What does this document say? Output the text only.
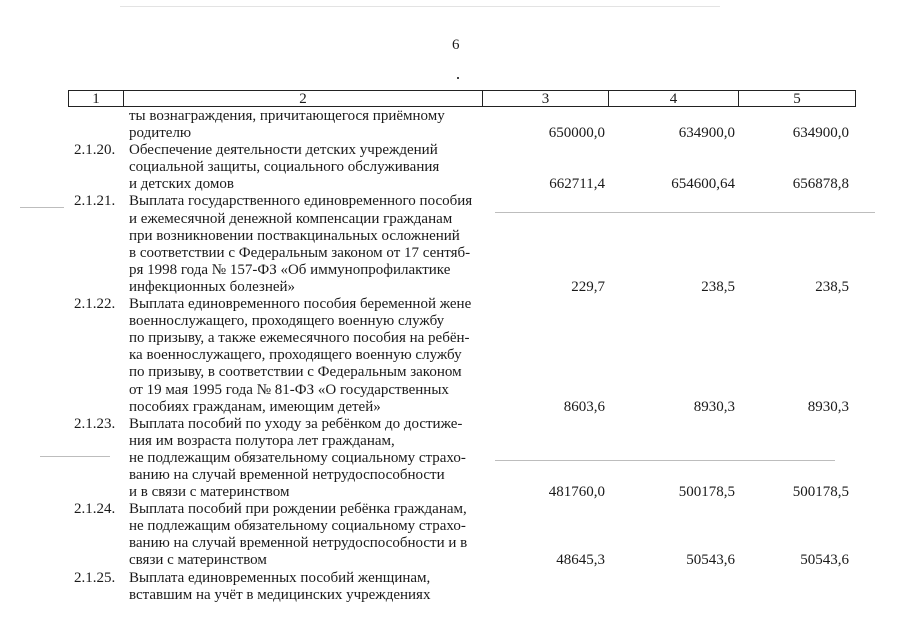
6
1	2	3	4	5
ты вознаграждения, причитающегося приёмному
родителю	650000,0	634900,0	634900,0
2.1.20. Обеспечение деятельности детских учреждений
социальной защиты, социального обслуживания
и детских домов	662711,4	654600,64	656878,8
2.1.21. Выплата государственного единовременного пособия
и ежемесячной денежной компенсации гражданам
при возникновении поствакцинальных осложнений
в соответствии с Федеральным законом от 17 сентяб-
ря 1998 года № 157-ФЗ «Об иммунопрофилактике
инфекционных болезней»	229,7	238,5	238,5
2.1.22. Выплата единовременного пособия беременной жене
военнослужащего, проходящего военную службу
по призыву, а также ежемесячного пособия на ребён-
ка военнослужащего, проходящего военную службу
по призыву, в соответствии с Федеральным законом
от 19 мая 1995 года № 81-ФЗ «О государственных
пособиях гражданам, имеющим детей»	8603,6	8930,3	8930,3
2.1.23. Выплата пособий по уходу за ребёнком до достиже-
ния им возраста полутора лет гражданам,
не подлежащим обязательному социальному страхо-
ванию на случай временной нетрудоспособности
и в связи с материнством	481760,0	500178,5	500178,5
2.1.24. Выплата пособий при рождении ребёнка гражданам,
не подлежащим обязательному социальному страхо-
ванию на случай временной нетрудоспособности и в
связи с материнством	48645,3	50543,6	50543,6
2.1.25. Выплата единовременных пособий женщинам,
вставшим на учёт в медицинских учреждениях
